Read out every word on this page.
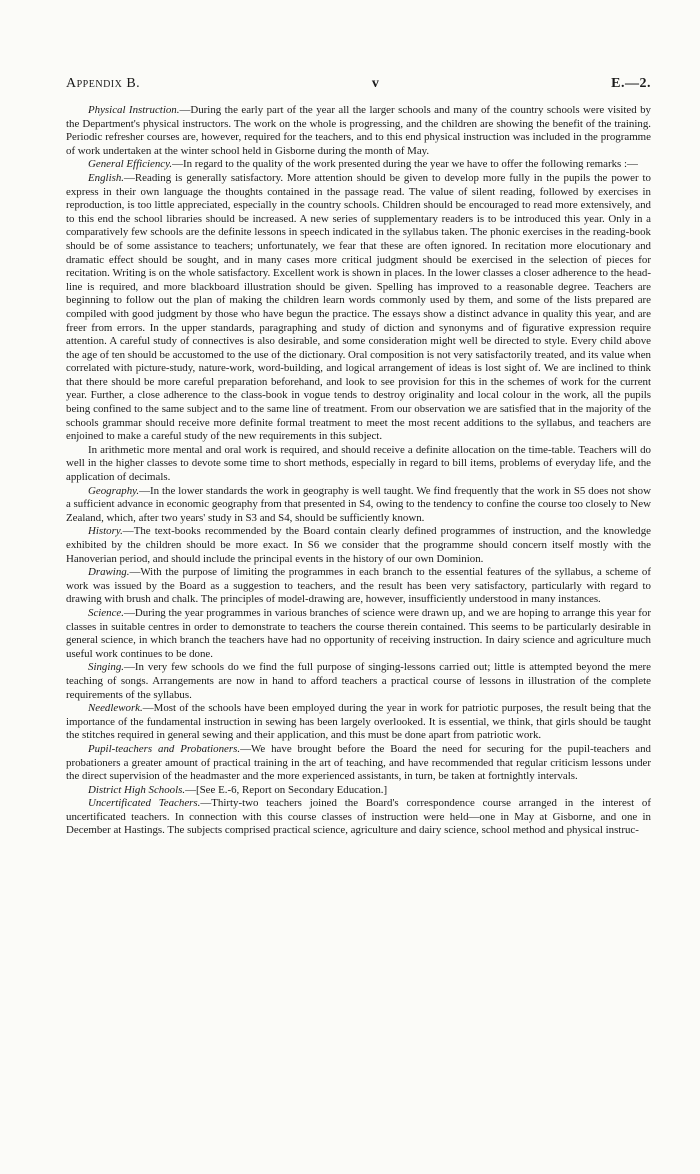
Appendix B.	v	E.—2.

Physical Instruction.—During the early part of the year all the larger schools and many of the country schools were visited by the Department's physical instructors. The work on the whole is progressing, and the children are showing the benefit of the training. Periodic refresher courses are, however, required for the teachers, and to this end physical instruction was included in the programme of work undertaken at the winter school held in Gisborne during the month of May.

General Efficiency.—In regard to the quality of the work presented during the year we have to offer the following remarks :—

English.—Reading is generally satisfactory. More attention should be given to develop more fully in the pupils the power to express in their own language the thoughts contained in the passage read. The value of silent reading, followed by exercises in reproduction, is too little appreciated, especially in the country schools. Children should be encouraged to read more extensively, and to this end the school libraries should be increased. A new series of supplementary readers is to be introduced this year. Only in a comparatively few schools are the definite lessons in speech indicated in the syllabus taken. The phonic exercises in the reading-book should be of some assistance to teachers; unfortunately, we fear that these are often ignored. In recitation more elocutionary and dramatic effect should be sought, and in many cases more critical judgment should be exercised in the selection of pieces for recitation. Writing is on the whole satisfactory. Excellent work is shown in places. In the lower classes a closer adherence to the head-line is required, and more blackboard illustration should be given. Spelling has improved to a reasonable degree. Teachers are beginning to follow out the plan of making the children learn words commonly used by them, and some of the lists prepared are compiled with good judgment by those who have begun the practice. The essays show a distinct advance in quality this year, and are freer from errors. In the upper standards, paragraphing and study of diction and synonyms and of figurative expression require attention. A careful study of connectives is also desirable, and some consideration might well be directed to style. Every child above the age of ten should be accustomed to the use of the dictionary. Oral composition is not very satisfactorily treated, and its value when correlated with picture-study, nature-work, word-building, and logical arrangement of ideas is lost sight of. We are inclined to think that there should be more careful preparation beforehand, and look to see provision for this in the schemes of work for the current year. Further, a close adherence to the class-book in vogue tends to destroy originality and local colour in the work, all the pupils being confined to the same subject and to the same line of treatment. From our observation we are satisfied that in the majority of the schools grammar should receive more definite formal treatment to meet the most recent additions to the syllabus, and teachers are enjoined to make a careful study of the new requirements in this subject.

In arithmetic more mental and oral work is required, and should receive a definite allocation on the time-table. Teachers will do well in the higher classes to devote some time to short methods, especially in regard to bill items, problems of everyday life, and the application of decimals.

Geography.—In the lower standards the work in geography is well taught. We find frequently that the work in S5 does not show a sufficient advance in economic geography from that presented in S4, owing to the tendency to confine the course too closely to New Zealand, which, after two years' study in S3 and S4, should be sufficiently known.

History.—The text-books recommended by the Board contain clearly defined programmes of instruction, and the knowledge exhibited by the children should be more exact. In S6 we consider that the programme should concern itself mostly with the Hanoverian period, and should include the principal events in the history of our own Dominion.

Drawing.—With the purpose of limiting the programmes in each branch to the essential features of the syllabus, a scheme of work was issued by the Board as a suggestion to teachers, and the result has been very satisfactory, particularly with regard to drawing with brush and chalk. The principles of model-drawing are, however, insufficiently understood in many instances.

Science.—During the year programmes in various branches of science were drawn up, and we are hoping to arrange this year for classes in suitable centres in order to demonstrate to teachers the course therein contained. This seems to be particularly desirable in general science, in which branch the teachers have had no opportunity of receiving instruction. In dairy science and agriculture much useful work continues to be done.

Singing.—In very few schools do we find the full purpose of singing-lessons carried out; little is attempted beyond the mere teaching of songs. Arrangements are now in hand to afford teachers a practical course of lessons in illustration of the complete requirements of the syllabus.

Needlework.—Most of the schools have been employed during the year in work for patriotic purposes, the result being that the importance of the fundamental instruction in sewing has been largely overlooked. It is essential, we think, that girls should be taught the stitches required in general sewing and their application, and this must be done apart from patriotic work.

Pupil-teachers and Probationers.—We have brought before the Board the need for securing for the pupil-teachers and probationers a greater amount of practical training in the art of teaching, and have recommended that regular criticism lessons under the direct supervision of the headmaster and the more experienced assistants, in turn, be taken at fortnightly intervals.

District High Schools.—[See E.-6, Report on Secondary Education.]

Uncertificated Teachers.—Thirty-two teachers joined the Board's correspondence course arranged in the interest of uncertificated teachers. In connection with this course classes of instruction were held—one in May at Gisborne, and one in December at Hastings. The subjects comprised practical science, agriculture and dairy science, school method and physical instruc-
